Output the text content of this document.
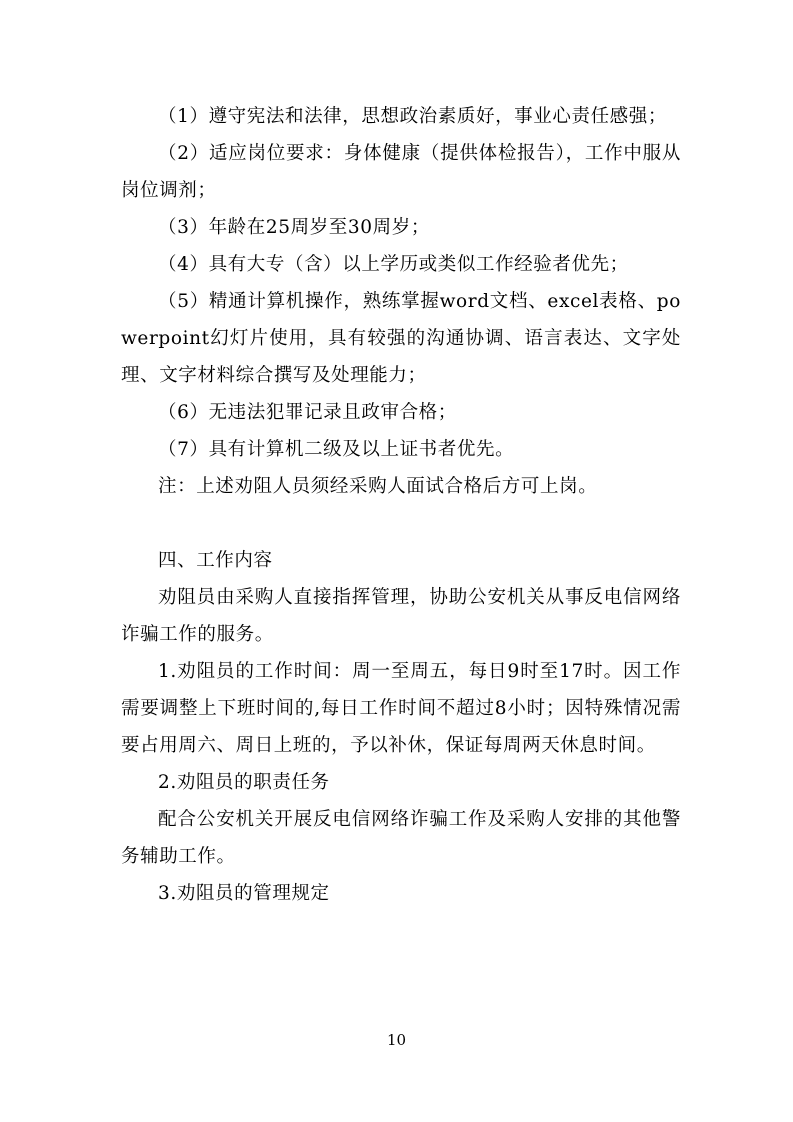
（1）遵守宪法和法律，思想政治素质好，事业心责任感强；

（2）适应岗位要求：身体健康（提供体检报告），工作中服从岗位调剂；

（3）年龄在25周岁至30周岁；

（4）具有大专（含）以上学历或类似工作经验者优先；

（5）精通计算机操作，熟练掌握word文档、excel表格、powerpoint幻灯片使用，具有较强的沟通协调、语言表达、文字处理、文字材料综合撰写及处理能力；

（6）无违法犯罪记录且政审合格；

（7）具有计算机二级及以上证书者优先。

注：上述劝阻人员须经采购人面试合格后方可上岗。

四、工作内容

劝阻员由采购人直接指挥管理，协助公安机关从事反电信网络诈骗工作的服务。

1.劝阻员的工作时间：周一至周五，每日9时至17时。因工作需要调整上下班时间的,每日工作时间不超过8小时；因特殊情况需要占用周六、周日上班的，予以补休，保证每周两天休息时间。

2.劝阻员的职责任务

配合公安机关开展反电信网络诈骗工作及采购人安排的其他警务辅助工作。

3.劝阻员的管理规定

10
